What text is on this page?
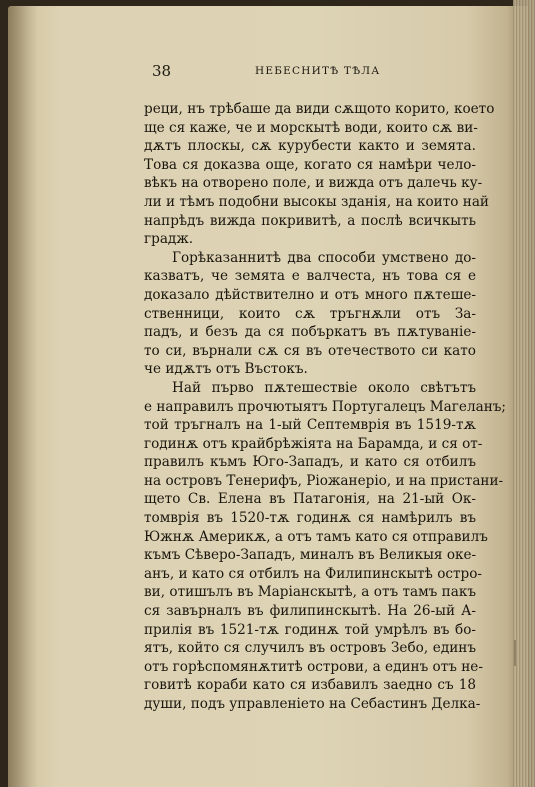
38	НЕБЕСНИТѢ ТѢЛА
реци, нъ трѣбаше да види сѫщото корито, което
ще ся каже, че и морскытѣ води, които сѫ ви-
дѫтъ плоскы, сѫ курубести както и земята.
Това ся доказва още, когато ся намѣри чело-
вѣкъ на отворено поле, и вижда отъ далечь ку-
ли и тѣмъ подобни высокы зданія, на които най
напрѣдъ вижда покривитѣ, а послѣ всичкыть
градж.
Горѣказаннитѣ два способи умствено до-
казватъ, че земята е валчеста, нъ това ся е
доказало дѣйствително и отъ много пѫтеше-
ственници, които сѫ тръгнѫли отъ За-
падъ, и безъ да ся побъркатъ въ пѫтуваніе-
то си, върнали сѫ ся въ отечеството си като
че идѫтъ отъ Въстокъ.
Най първо пѫтешествіе около свѣтътъ
е направилъ прочютыятъ Португалецъ Магеланъ;
той тръгналъ на 1-ый Септемврія въ 1519-тѫ
годинѫ отъ крайбрѣжіята на Барамда, и ся от-
правилъ къмъ Юго-Западъ, и като ся отбилъ
на островъ Тенерифъ, Ріожанеріо, и на пристани-
щето Св. Елена въ Патагонія, на 21-ый Ок-
томврія въ 1520-тѫ годинѫ ся намѣрилъ въ
Южнѫ Америкѫ, а отъ тамъ като ся отправилъ
къмъ Сѣверо-Западъ, миналъ въ Великыя оке-
анъ, и като ся отбилъ на Филипинскытѣ остро-
ви, отишълъ въ Маріанскытѣ, а отъ тамъ пакъ
ся завърналъ въ филипинскытѣ. На 26-ый А-
прилія въ 1521-тѫ годинѫ той умрѣлъ въ бо-
ятъ, който ся случилъ въ островъ Зебо, единъ
отъ горѣспомянѫтитѣ острови, а единъ отъ не-
говитѣ кораби като ся избавилъ заедно съ 18
души, подъ управленіето на Себастинъ Делка-
